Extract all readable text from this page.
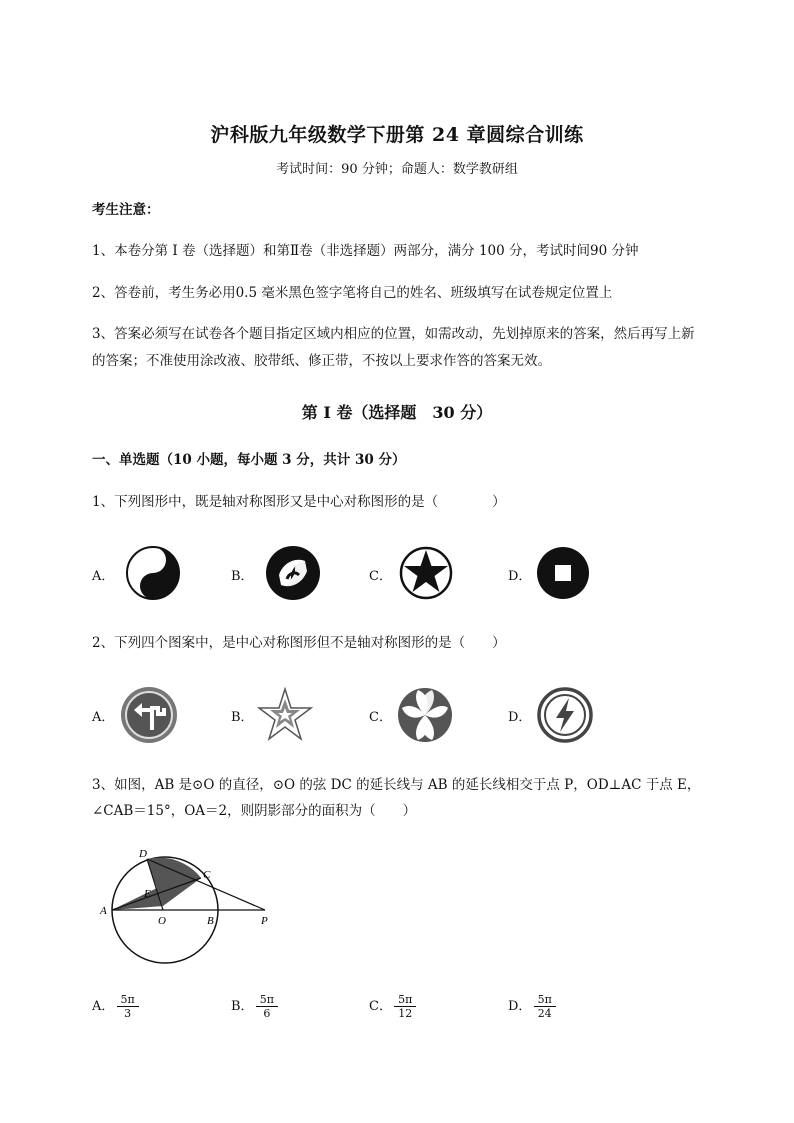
沪科版九年级数学下册第 24 章圆综合训练
考试时间：90 分钟；命题人：数学教研组
考生注意：
1、本卷分第 I 卷（选择题）和第Ⅱ卷（非选择题）两部分，满分 100 分，考试时间90 分钟
2、答卷前，考生务必用0.5 毫米黑色签字笔将自己的姓名、班级填写在试卷规定位置上
3、答案必须写在试卷各个题目指定区域内相应的位置，如需改动，先划掉原来的答案，然后再写上新
的答案；不准使用涂改液、胶带纸、修正带，不按以上要求作答的答案无效。
第 I 卷（选择题　30 分）
一、单选题（10 小题，每小题 3 分，共计 30 分）
1、下列图形中，既是轴对称图形又是中心对称图形的是（　　　　）
A．	B．	C．	D．
2、下列四个图案中，是中心对称图形但不是轴对称图形的是（　　）
A．	B．	C．	D．
3、如图，AB 是⊙O 的直径，⊙O 的弦 DC 的延长线与 AB 的延长线相交于点 P，OD⊥AC 于点 E，
∠CAB＝15°，OA＝2，则阴影部分的面积为（　　）
D
C
E
A
O	B	P
A． $\frac{5\pi}{3}$	B． $\frac{5\pi}{6}$	C． $\frac{5\pi}{12}$	D． $\frac{5\pi}{24}$
